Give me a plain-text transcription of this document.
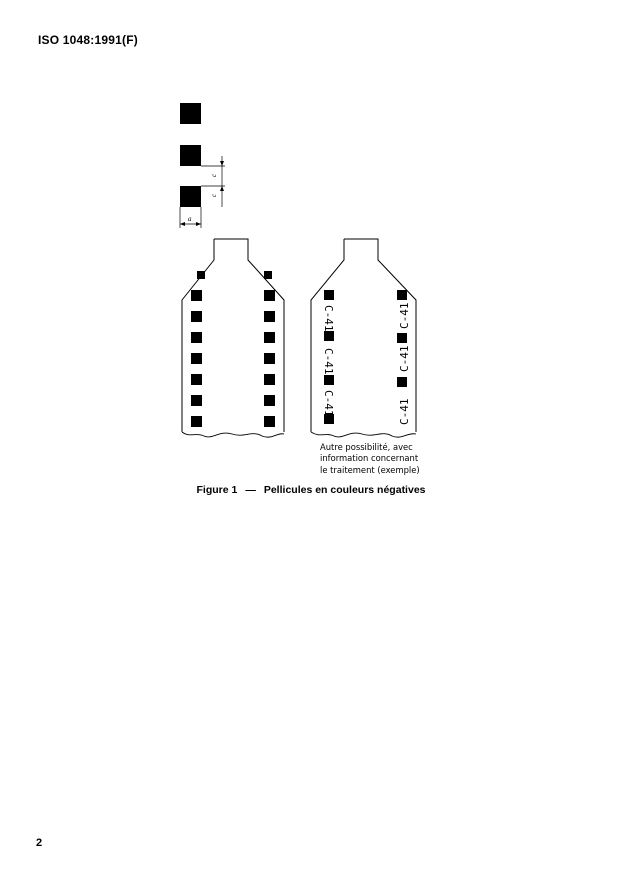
ISO 1048:1991(F)
C-41
C-41
C-41
C-41
C-41
C-41
c
c
a
Autre possibilité, avec
information concernant
le traitement (exemple)
Figure 1 — Pellicules en couleurs négatives
2
